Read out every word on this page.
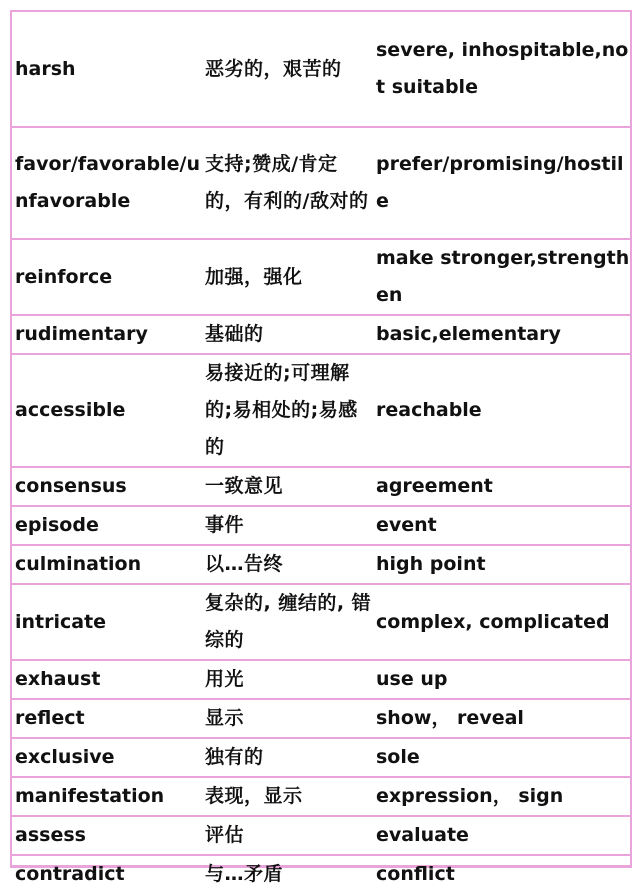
harsh	恶劣的，艰苦的	severe, inhospitable,not suitable
favor/favorable/unfavorable	支持;赞成/肯定的，有利的/敌对的	prefer/promising/hostile
reinforce	加强，强化	make stronger,strengthen
rudimentary	基础的	basic,elementary
accessible	易接近的;可理解的;易相处的;易感的	reachable
consensus	一致意见	agreement
episode	事件	event
culmination	以…告终	high point
intricate	复杂的, 缠结的, 错综的	complex, complicated
exhaust	用光	use up
reflect	显示	show， reveal
exclusive	独有的	sole
manifestation	表现，显示	expression， sign
assess	评估	evaluate
contradict	与…矛盾	conflict
